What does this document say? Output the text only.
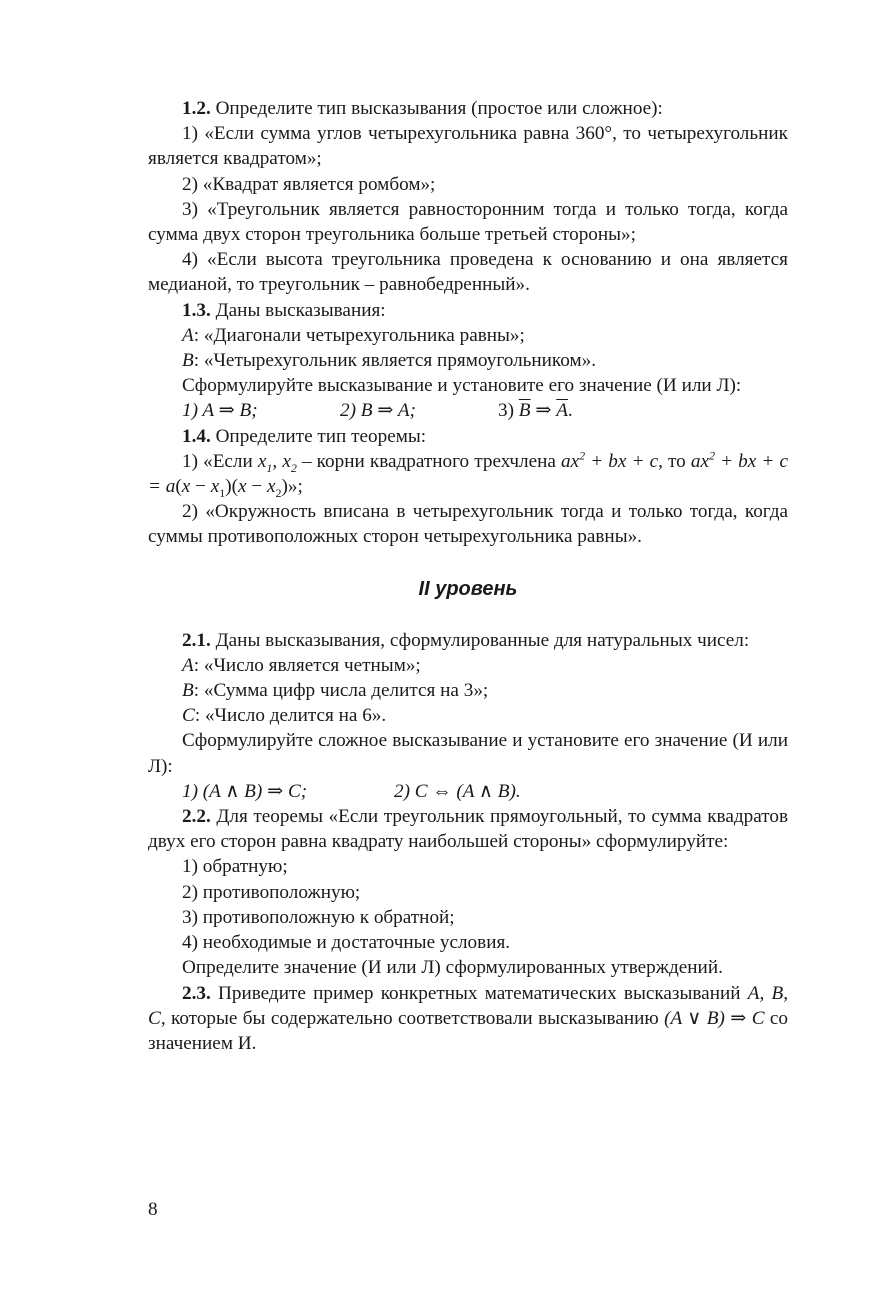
1.2. Определите тип высказывания (простое или сложное):

1) «Если сумма углов четырехугольника равна 360°, то четырехугольник является квадратом»;

2) «Квадрат является ромбом»;

3) «Треугольник является равносторонним тогда и только тогда, когда сумма двух сторон треугольника больше третьей стороны»;

4) «Если высота треугольника проведена к основанию и она является медианой, то треугольник – равнобедренный».

1.3. Даны высказывания:

A: «Диагонали четырехугольника равны»;

B: «Четырехугольник является прямоугольником».

Сформулируйте высказывание и установите его значение (И или Л):

1) A ⇒ B;	2) B ⇒ A;	3) $\overline{B}$ ⇒ $\overline{A}$.

1.4. Определите тип теоремы:

1) «Если $x_1$, $x_2$ – корни квадратного трехчлена $ax^2$ + bx + c, то $ax^2$ + bx + $c = a(x - x_1)(x - x_2)$»;

2) «Окружность вписана в четырехугольник тогда и только тогда, когда суммы противоположных сторон четырехугольника равны».

II уровень

2.1. Даны высказывания, сформулированные для натуральных чисел:

A: «Число является четным»;

B: «Сумма цифр числа делится на 3»;

C: «Число делится на 6».

Сформулируйте сложное высказывание и установите его значение (И или Л):

1) (A ∧ B) ⇒ C;	2) C ⇔ (A ∧ B).

2.2. Для теоремы «Если треугольник прямоугольный, то сумма квадратов двух его сторон равна квадрату наибольшей стороны» сформулируйте:

1) обратную;

2) противоположную;

3) противоположную к обратной;

4) необходимые и достаточные условия.

Определите значение (И или Л) сформулированных утверждений.

2.3. Приведите пример конкретных математических высказываний A, B, C, которые бы содержательно соответствовали высказыванию (A ∨ B) ⇒ C со значением И.

8
